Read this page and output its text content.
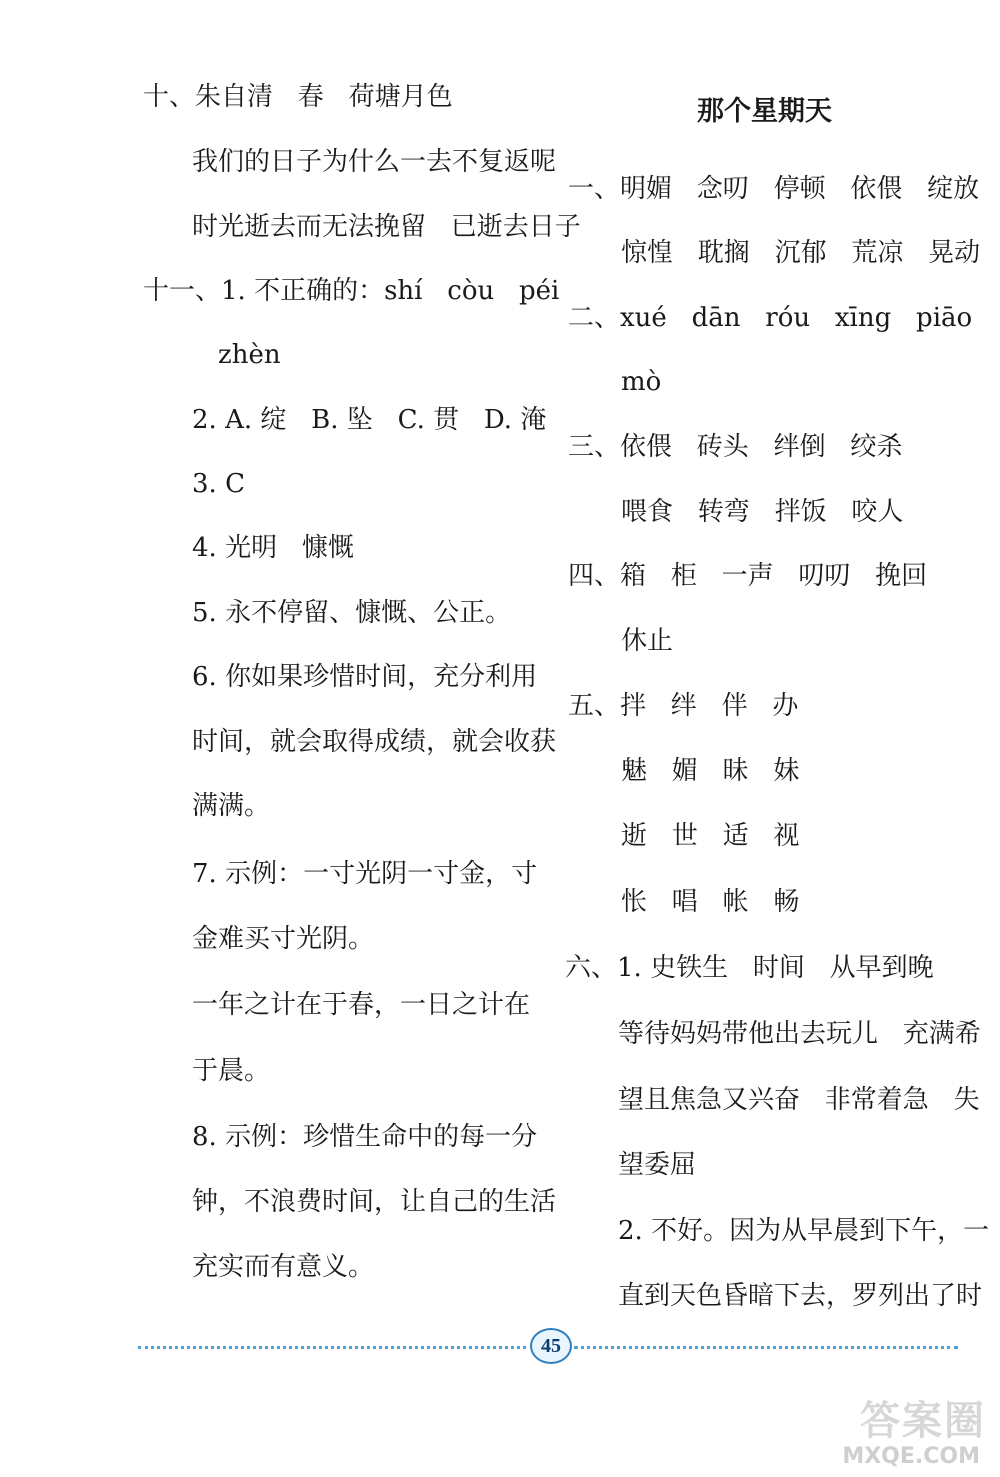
十、朱自清   春   荷塘月色
我们的日子为什么一去不复返呢
时光逝去而无法挽留   已逝去日子
十一、1. 不正确的：shí   còu   péi
zhèn
2. A. 绽   B. 坠   C. 贯   D. 淹
3. C
4. 光明   慷慨
5. 永不停留、慷慨、公正。
6. 你如果珍惜时间，充分利用
时间，就会取得成绩，就会收获
满满。
7. 示例：一寸光阴一寸金，寸
金难买寸光阴。
一年之计在于春，一日之计在
于晨。
8. 示例：珍惜生命中的每一分
钟，不浪费时间，让自己的生活
充实而有意义。
那个星期天
一、明媚   念叨   停顿   依偎   绽放
惊惶   耽搁   沉郁   荒凉   晃动
二、xué   dān   róu   xīng   piāo
mò
三、依偎   砖头   绊倒   绞杀
喂食   转弯   拌饭   咬人
四、箱   柜   一声   叨叨   挽回
休止
五、拌   绊   伴   办
魅   媚   昧   妹
逝   世   适   视
怅   唱   帐   畅
六、1. 史铁生   时间   从早到晚
等待妈妈带他出去玩儿   充满希
望且焦急又兴奋   非常着急   失
望委屈
2. 不好。因为从早晨到下午，一
直到天色昏暗下去，罗列出了时
45
答案圈
MXQE.COM
